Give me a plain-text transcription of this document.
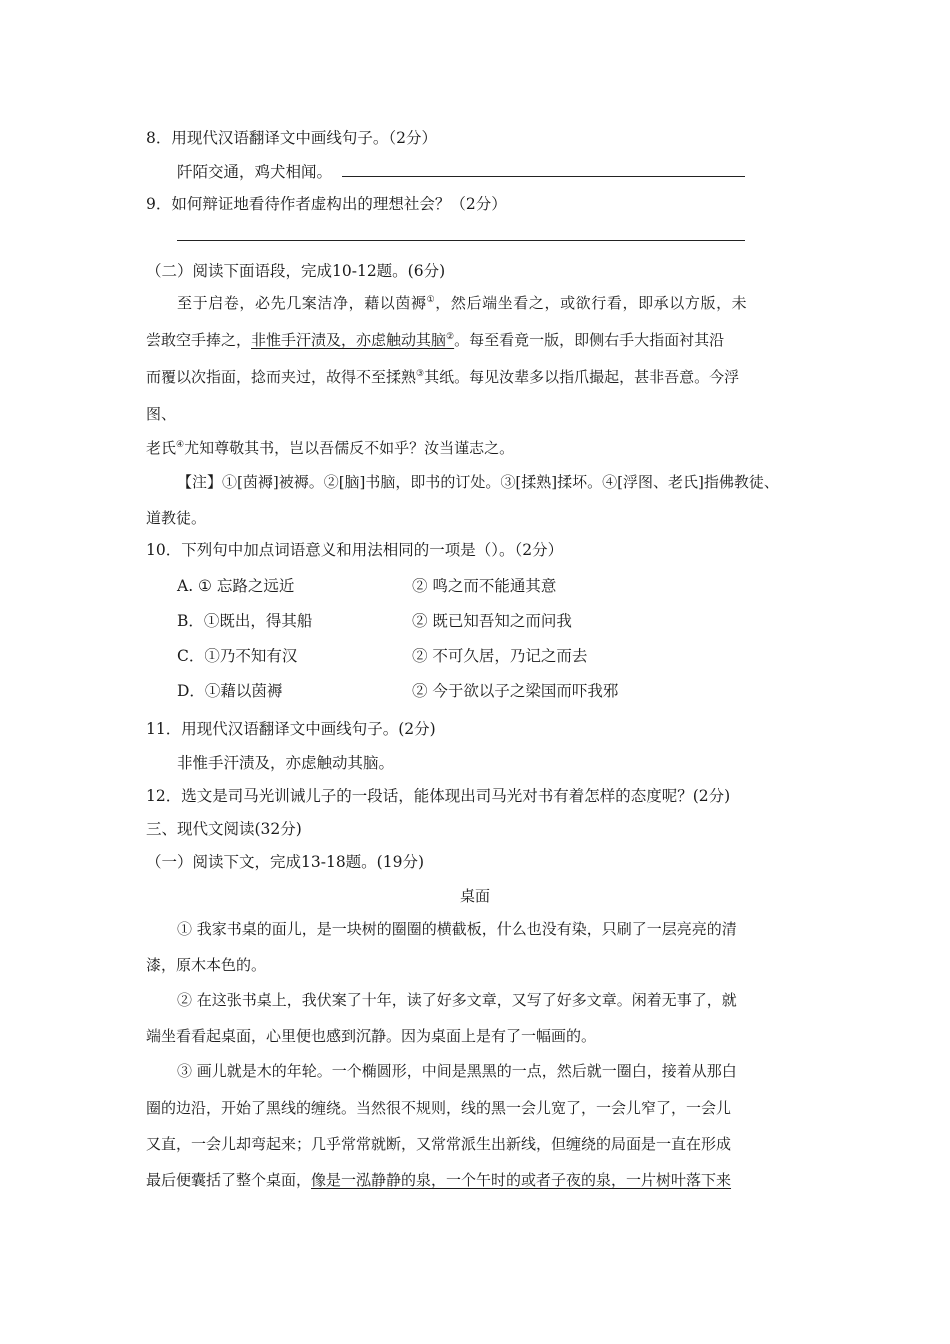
8．用现代汉语翻译文中画线句子。（2分）
阡陌交通，鸡犬相闻。
9．如何辩证地看待作者虚构出的理想社会？（2分）
（二）阅读下面语段，完成10-12题。(6分)
至于启卷，必先几案洁净，藉以茵褥①，然后端坐看之，或欲行看，即承以方版，未
尝敢空手捧之，非惟手汗渍及，亦虑触动其脑②。每至看竟一版，即侧右手大指面衬其沿
而覆以次指面，捻而夹过，故得不至揉熟③其纸。每见汝辈多以指爪撮起，甚非吾意。今浮
图、
老氏④尤知尊敬其书，岂以吾儒反不如乎？汝当谨志之。
【注】①[茵褥]被褥。②[脑]书脑，即书的订处。③[揉熟]揉坏。④[浮图、老氏]指佛教徒、
道教徒。
10．下列句中加点词语意义和用法相同的一项是（）。（2分）
A. ① 忘路之远近	② 鸣之而不能通其意
B．①既出，得其船	② 既已知吾知之而问我
C．①乃不知有汉	② 不可久居，乃记之而去
D．①藉以茵褥	② 今于欲以子之梁国而吓我邪
11．用现代汉语翻译文中画线句子。(2分)
非惟手汗渍及，亦虑触动其脑。
12．选文是司马光训诫儿子的一段话，能体现出司马光对书有着怎样的态度呢？(2分)
三、现代文阅读(32分)
（一）阅读下文，完成13-18题。(19分)
桌面
① 我家书桌的面儿，是一块树的圈圈的横截板，什么也没有染，只刷了一层亮亮的清
漆，原木本色的。
② 在这张书桌上，我伏案了十年，读了好多文章，又写了好多文章。闲着无事了，就
端坐看看起桌面，心里便也感到沉静。因为桌面上是有了一幅画的。
③ 画儿就是木的年轮。一个椭圆形，中间是黑黑的一点，然后就一圈白，接着从那白
圈的边沿，开始了黑线的缠绕。当然很不规则，线的黑一会儿宽了，一会儿窄了，一会儿
又直，一会儿却弯起来；几乎常常就断，又常常派生出新线，但缠绕的局面是一直在形成
最后便囊括了整个桌面，像是一泓静静的泉，一个午时的或者子夜的泉，一片树叶落下来
